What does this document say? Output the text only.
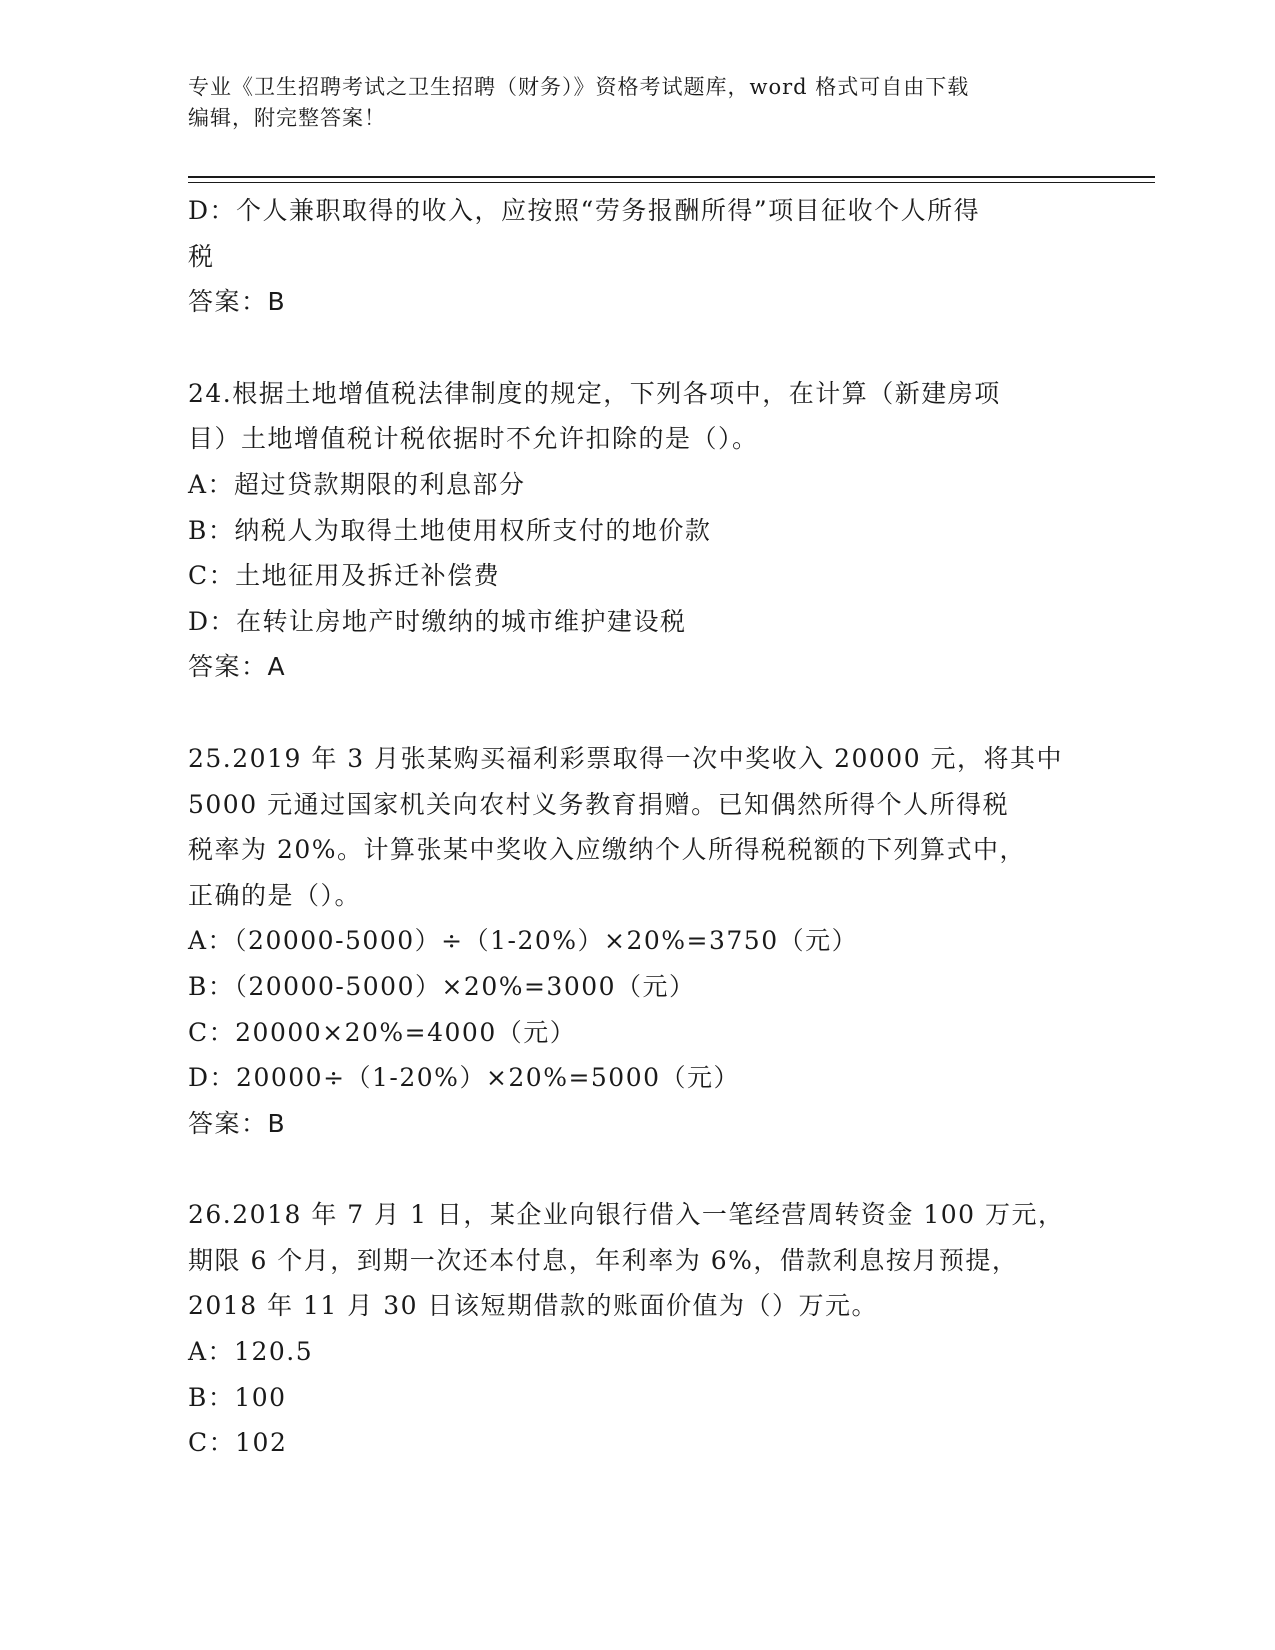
专业《卫生招聘考试之卫生招聘（财务）》资格考试题库，word 格式可自由下载
编辑，附完整答案！

D：个人兼职取得的收入，应按照“劳务报酬所得”项目征收个人所得

税

答案：B

24.根据土地增值税法律制度的规定，下列各项中，在计算（新建房项

目）土地增值税计税依据时不允许扣除的是（）。

A：超过贷款期限的利息部分

B：纳税人为取得土地使用权所支付的地价款

C：土地征用及拆迁补偿费

D：在转让房地产时缴纳的城市维护建设税

答案：A

25.2019 年 3 月张某购买福利彩票取得一次中奖收入 20000 元，将其中

5000 元通过国家机关向农村义务教育捐赠。已知偶然所得个人所得税

税率为 20%。计算张某中奖收入应缴纳个人所得税税额的下列算式中，

正确的是（）。

A：（20000-5000）÷（1-20%）×20%=3750（元）

B：（20000-5000）×20%=3000（元）

C：20000×20%=4000（元）

D：20000÷（1-20%）×20%=5000（元）

答案：B

26.2018 年 7 月 1 日，某企业向银行借入一笔经营周转资金 100 万元，

期限 6 个月，到期一次还本付息，年利率为 6%，借款利息按月预提，

2018 年 11 月 30 日该短期借款的账面价值为（）万元。

A：120.5

B：100

C：102
